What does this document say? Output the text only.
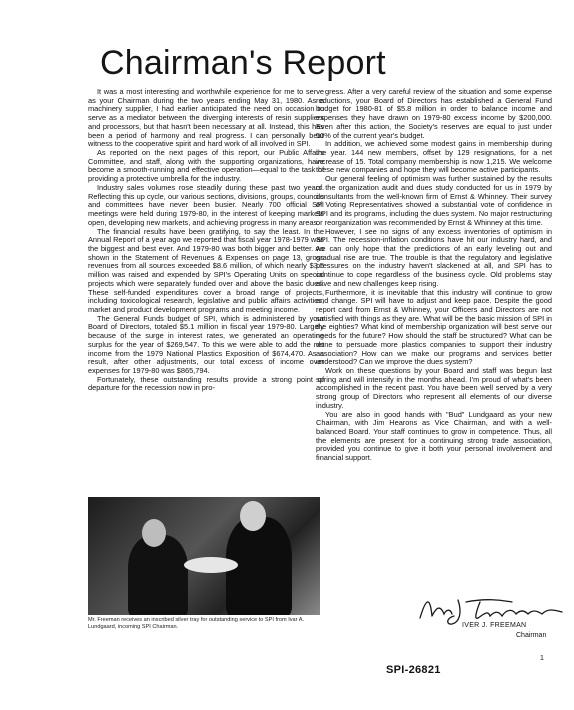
Chairman's Report

It was a most interesting and worthwhile experience for me to serve as your Chairman during the two years ending May 31, 1980. As a machinery supplier, I had earlier anticipated the need on occasion to serve as a mediator between the diverging interests of resin suppliers and processors, but that hasn't been necessary at all. Instead, this has been a period of harmony and real progress. I can personally bear witness to the cooperative spirit and hard work of all involved in SPI.

As reported on the next pages of this report, our Public Affairs Committee, and staff, along with the supporting organizations, have become a smooth-running and effective operation—equal to the task of providing a protective umbrella for the industry.

Industry sales volumes rose steadily during these past two years. Reflecting this up cycle, our various sections, divisions, groups, councils and committees have never been busier. Nearly 700 official SPI meetings were held during 1979-80, in the interest of keeping markets open, developing new markets, and achieving progress in many areas.

The financial results have been gratifying, to say the least. In the Annual Report of a year ago we reported that fiscal year 1978-1979 was the biggest and best ever. And 1979-80 was both bigger and better. As shown in the Statement of Revenues & Expenses on page 13, gross revenues from all sources exceeded $8.6 million, of which nearly $3.5 million was raised and expended by SPI's Operating Units on special projects which were separately funded over and above the basic dues. These self-funded expenditures cover a broad range of projects, including toxicological research, legislative and public affairs activities, market and product development programs and meeting income.

The General Funds budget of SPI, which is administered by your Board of Directors, totaled $5.1 million in fiscal year 1979-80. Largely because of the surge in interest rates, we generated an operating surplus for the year of $269,547. To this we were able to add the net income from the 1979 National Plastics Exposition of $674,470. As a result, after other adjustments, our total excess of income over expenses for 1979-80 was $865,794.

Fortunately, these outstanding results provide a strong point of departure for the recession now in pro-

gress. After a very careful review of the situation and some expense reductions, your Board of Directors has established a General Fund budget for 1980-81 of $5.8 million in order to balance income and expenses they have drawn on 1979-80 excess income by $200,000. Even after this action, the Society's reserves are equal to just under 50% of the current year's budget.

In addition, we achieved some modest gains in membership during the year. 144 new members, offset by 129 resignations, for a net increase of 15. Total company membership is now 1,215. We welcome these new companies and hope they will become active participants.

Our general feeling of optimism was further sustained by the results of the organization audit and dues study conducted for us in 1979 by consultants from the well-known firm of Ernst & Whinney. Their survey of Voting Representatives showed a substantial vote of confidence in SPI and its programs, including the dues system. No major restructuring or reorganization was recommended by Ernst & Whinney at this time.

However, I see no signs of any excess inventories of optimism in SPI. The recession-inflation conditions have hit our industry hard, and we can only hope that the predictions of an early leveling out and gradual rise are true. The trouble is that the regulatory and legislative pressures on the industry haven't slackened at all, and SPI has to continue to cope regardless of the business cycle. Old problems stay alive and new challenges keep rising.

Furthermore, it is inevitable that this industry will continue to grow and change. SPI will have to adjust and keep pace. Despite the good report card from Ernst & Whinney, your Officers and Directors are not satisfied with things as they are. What will be the basic mission of SPI in the eighties? What kind of membership organization will best serve our needs for the future? How should the staff be structured? What can be done to persuade more plastics companies to support their industry association? How can we make our programs and services better understood? Can we improve the dues system?

Work on these questions by your Board and staff was begun last spring and will intensify in the months ahead. I'm proud of what's been accomplished in the recent past. You have been well served by a very strong group of Directors who represent all elements of our diverse industry.

You are also in good hands with "Bud" Lundgaard as your new Chairman, with Jim Hearons as Vice Chairman, and with a well-balanced Board. Your staff continues to grow in competence. Thus, all the elements are present for a continuing strong trade association, provided you continue to give it both your personal involvement and financial support.

Mr. Freeman receives an inscribed silver tray for outstanding service to SPI from Ivar A. Lundgaard, incoming SPI Chairman.	IVER J. FREEMAN
Chairman
1
SPI-26821
